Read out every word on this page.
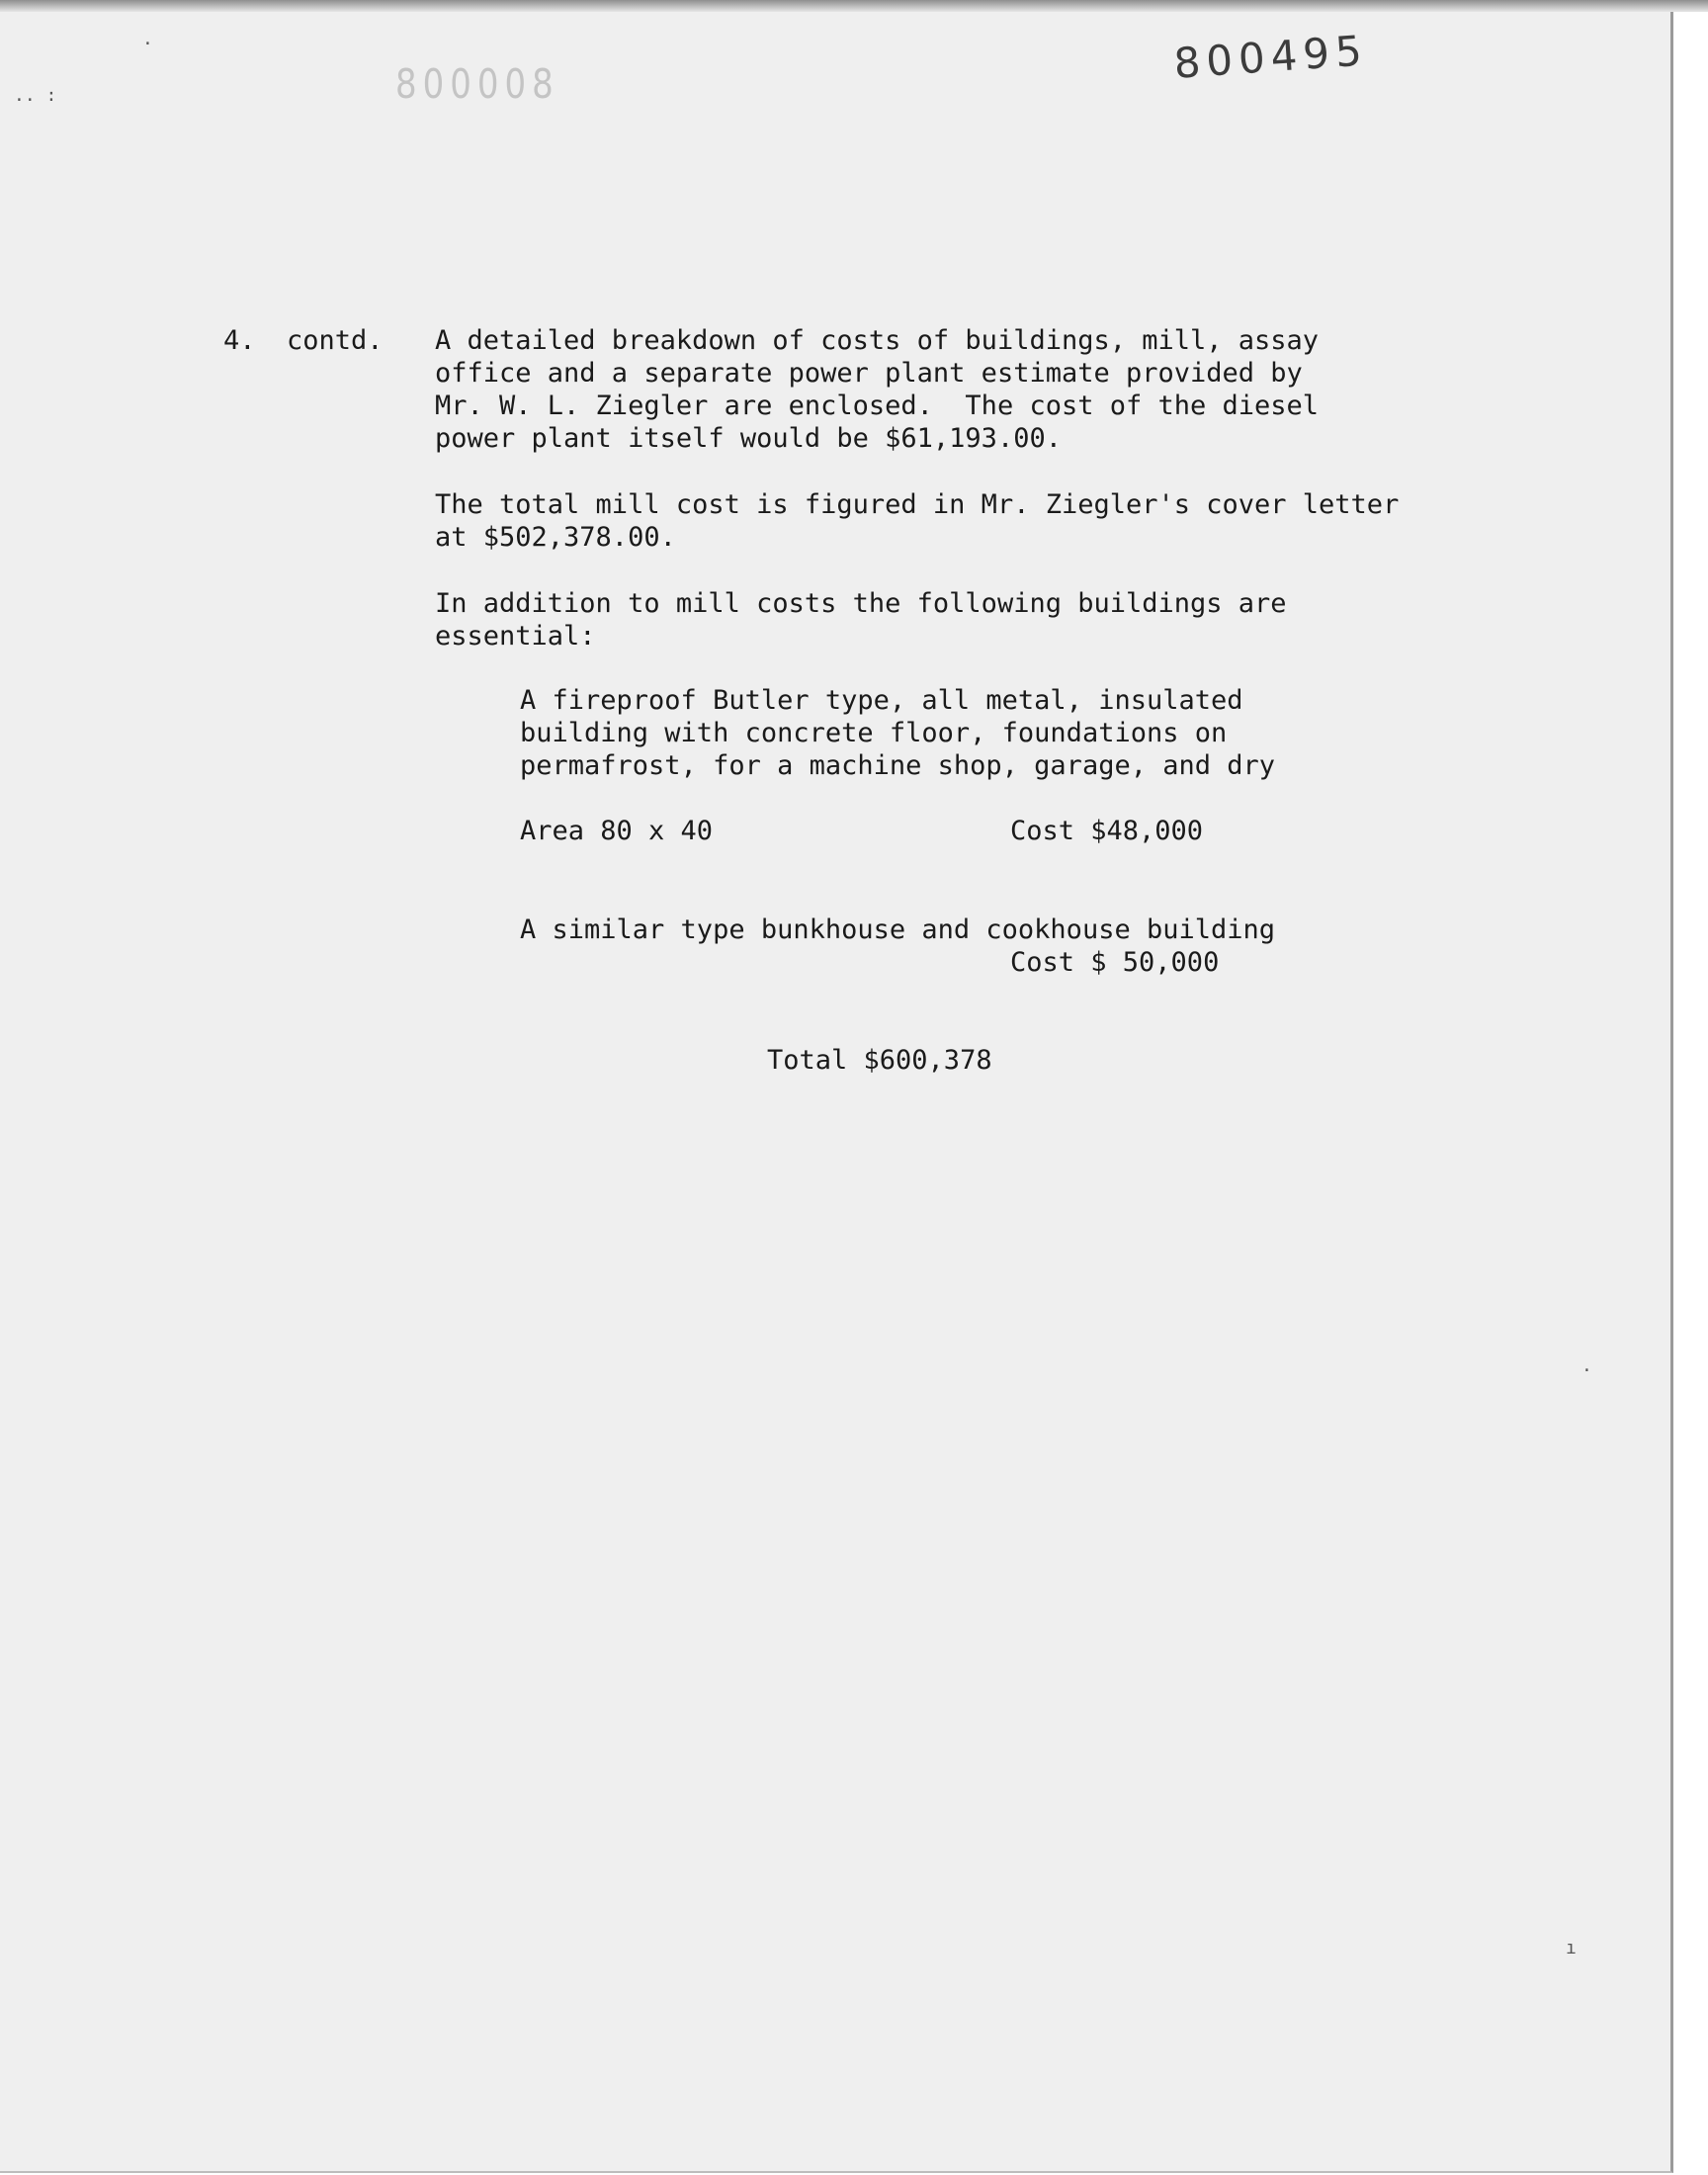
.. :
·
800008	800495
4. contd. A detailed breakdown of costs of buildings, mill, assay
office and a separate power plant estimate provided by
Mr. W. L. Ziegler are enclosed.  The cost of the diesel
power plant itself would be $61,193.00.
The total mill cost is figured in Mr. Ziegler's cover letter
at $502,378.00.
In addition to mill costs the following buildings are
essential:
A fireproof Butler type, all metal, insulated
building with concrete floor, foundations on
permafrost, for a machine shop, garage, and dry
Area 80 x 40	Cost $48,000
A similar type bunkhouse and cookhouse building
Cost $ 50,000
Total $600,378
·
ı
